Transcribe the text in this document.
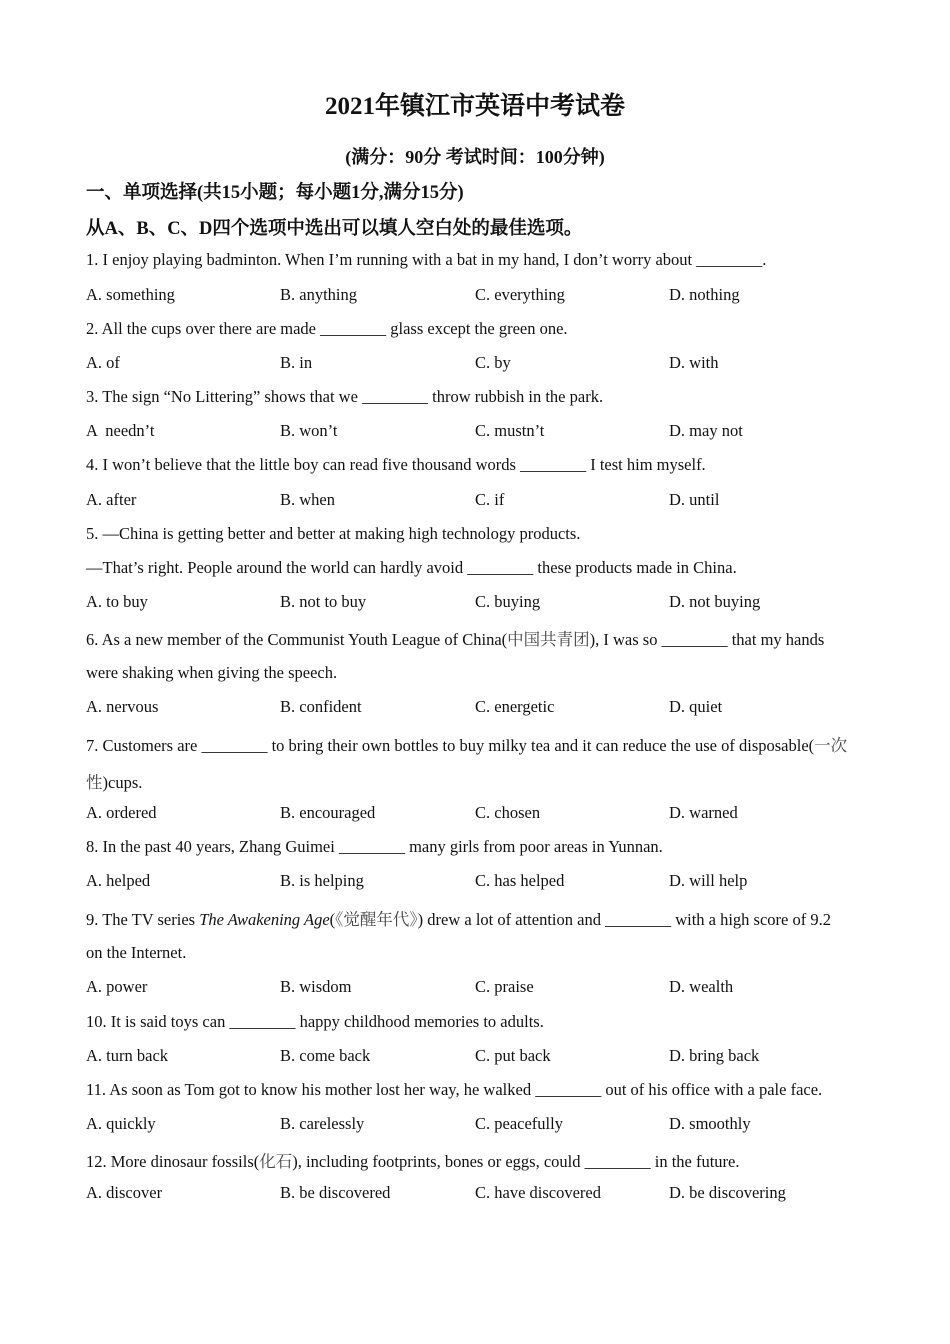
2021年镇江市英语中考试卷
(满分：90分 考试时间：100分钟)
一、单项选择(共15小题；每小题1分,满分15分)
从A、B、C、D四个选项中选出可以填人空白处的最佳选项。
1. I enjoy playing badminton. When I’m running with a bat in my hand, I don’t worry about ________.
A. something	B. anything	C. everything	D. nothing
2. All the cups over there are made ________ glass except the green one.
A. of	B. in	C. by	D. with
3. The sign “No Littering” shows that we ________ throw rubbish in the park.
A  needn’t	B. won’t	C. mustn’t	D. may not
4. I won’t believe that the little boy can read five thousand words ________ I test him myself.
A. after	B. when	C. if	D. until
5. —China is getting better and better at making high technology products.
—That’s right. People around the world can hardly avoid ________ these products made in China.
A. to buy	B. not to buy	C. buying	D. not buying
6. As a new member of the Communist Youth League of China(中国共青团), I was so ________ that my hands
were shaking when giving the speech.
A. nervous	B. confident	C. energetic	D. quiet
7. Customers are ________ to bring their own bottles to buy milky tea and it can reduce the use of disposable(一次
性)cups.
A. ordered	B. encouraged	C. chosen	D. warned
8. In the past 40 years, Zhang Guimei ________ many girls from poor areas in Yunnan.
A. helped	B. is helping	C. has helped	D. will help
9. The TV series The Awakening Age(《觉醒年代》) drew a lot of attention and ________ with a high score of 9.2
on the Internet.
A. power	B. wisdom	C. praise	D. wealth
10. It is said toys can ________ happy childhood memories to adults.
A. turn back	B. come back	C. put back	D. bring back
11. As soon as Tom got to know his mother lost her way, he walked ________ out of his office with a pale face.
A. quickly	B. carelessly	C. peacefully	D. smoothly
12. More dinosaur fossils(化石), including footprints, bones or eggs, could ________ in the future.
A. discover	B. be discovered	C. have discovered	D. be discovering
